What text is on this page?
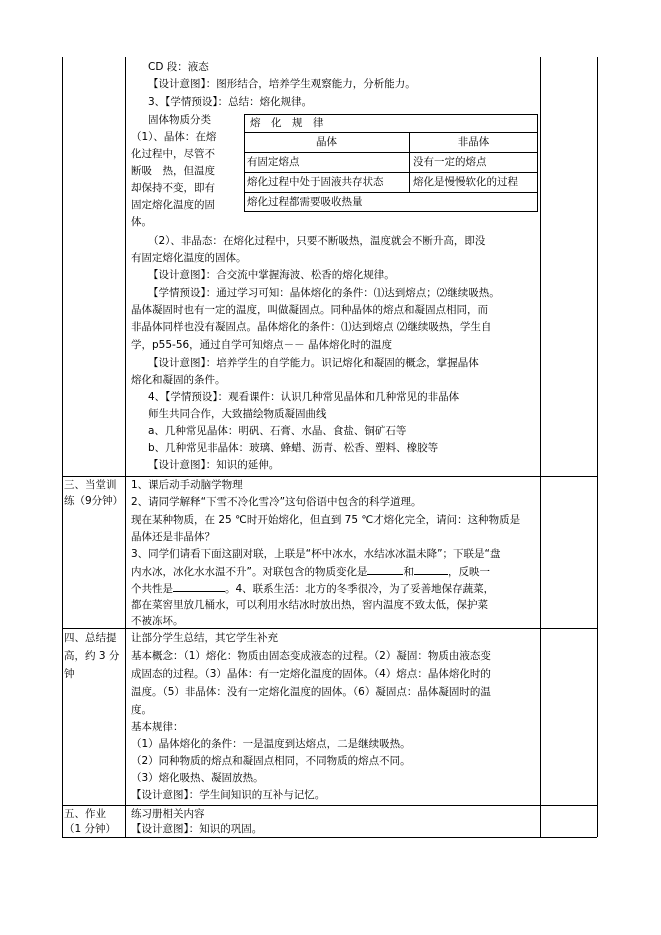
CD 段：液态
【设计意图】：图形结合，培养学生观察能力，分析能力。
3、【学情预设】：总结：熔化规律。
固体物质分类
（1）、晶体：在熔
化过程中，尽管不
断吸　热，但温度
却保持不变，即有
固定熔化温度的固
体。
熔　化　规　律
晶体	非晶体
有固定熔点	没有一定的熔点
熔化过程中处于固液共存状态	熔化是慢慢软化的过程
熔化过程都需要吸收热量
（2）、非晶态：在熔化过程中，只要不断吸热，温度就会不断升高，即没
有固定熔化温度的固体。
【设计意图】：合交流中掌握海波、松香的熔化规律。
【学情预设】：通过学习可知：晶体熔化的条件：⑴达到熔点；⑵继续吸热。
晶体凝固时也有一定的温度，叫做凝固点。同种晶体的熔点和凝固点相同，而
非晶体同样也没有凝固点。晶体熔化的条件：⑴达到熔点 ⑵继续吸热，学生自
学，p55-56，通过自学可知熔点－－ 晶体熔化时的温度
【设计意图】：培养学生的自学能力。识记熔化和凝固的概念，掌握晶体
熔化和凝固的条件。
4、【学情预设】：观看课件：认识几种常见晶体和几种常见的非晶体
师生共同合作，大致描绘物质凝固曲线
a、几种常见晶体：明矾、石膏、水晶、食盐、铜矿石等
b、几种常见非晶体：玻璃、蜂蜡、沥青、松香、塑料、橡胶等
【设计意图】：知识的延伸。
三、当堂训
练（9分钟）
1、课后动手动脑学物理
2、请同学解释“下雪不冷化雪冷”这句俗语中包含的科学道理。
现在某种物质，在 25 ℃时开始熔化，但直到 75 ℃才熔化完全，请问：这种物质是
晶体还是非晶体？
3、同学们请看下面这副对联，上联是“杯中冰水，水结冰冰温未降”；下联是“盘
内水冰，冰化水水温不升”。对联包含的物质变化是	和	，反映一
个共性是	。4、联系生活：北方的冬季很冷，为了妥善地保存蔬菜，
都在菜窖里放几桶水，可以利用水结冰时放出热，窖内温度不致太低，保护菜
不被冻坏。
四、总结提
高，约 3 分
钟
让部分学生总结，其它学生补充
基本概念：（1）熔化：物质由固态变成液态的过程。（2）凝固：物质由液态变
成固态的过程。（3）晶体：有一定熔化温度的固体。（4）熔点：晶体熔化时的
温度。（5）非晶体：没有一定熔化温度的固体。（6）凝固点：晶体凝固时的温
度。
基本规律：
（1）晶体熔化的条件：一是温度到达熔点，二是继续吸热。
（2）同种物质的熔点和凝固点相同，不同物质的熔点不同。
（3）熔化吸热、凝固放热。
【设计意图】：学生间知识的互补与记忆。
五、作业
（1 分钟）
练习册相关内容
【设计意图】：知识的巩固。
